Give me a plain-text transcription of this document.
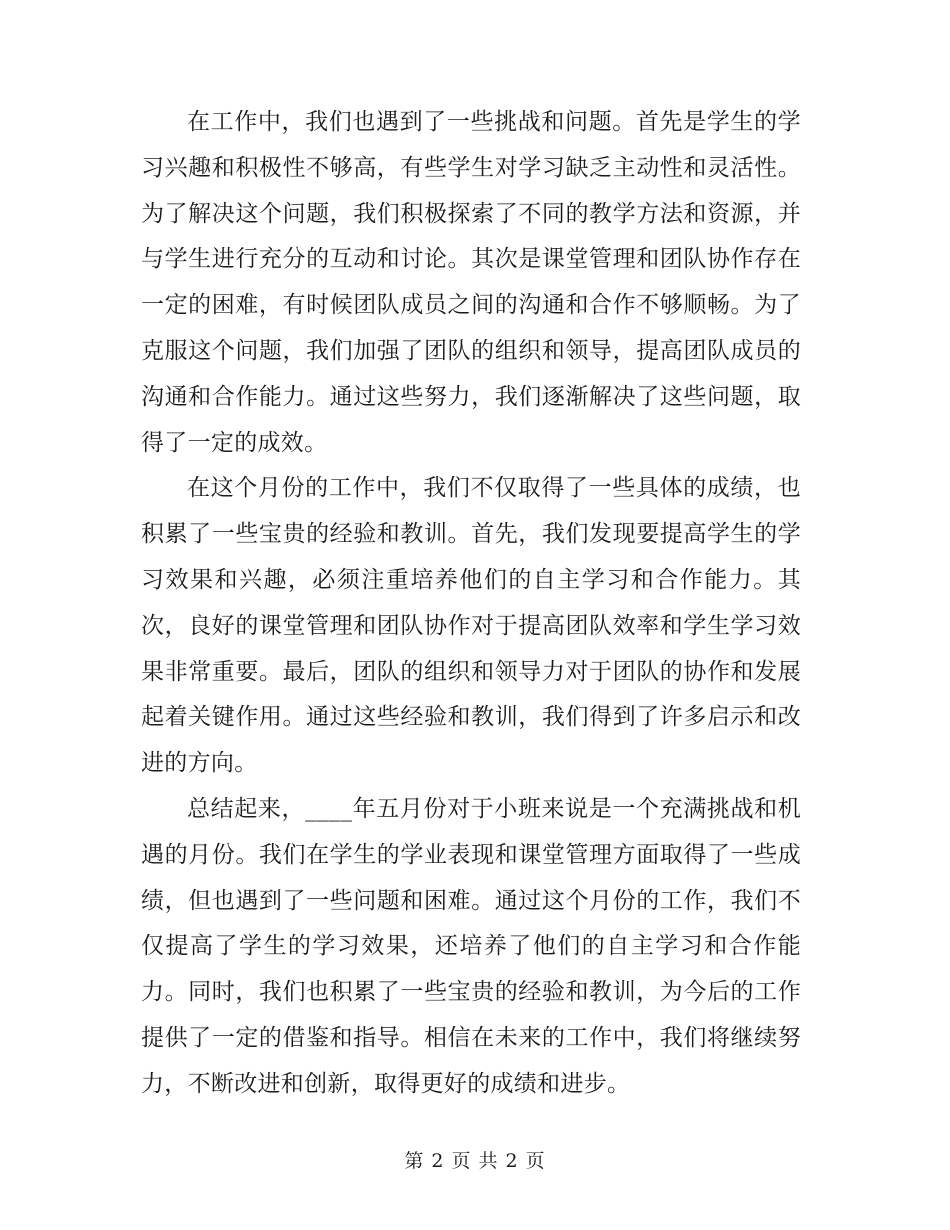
在工作中，我们也遇到了一些挑战和问题。首先是学生的学习兴趣和积极性不够高，有些学生对学习缺乏主动性和灵活性。为了解决这个问题，我们积极探索了不同的教学方法和资源，并与学生进行充分的互动和讨论。其次是课堂管理和团队协作存在一定的困难，有时候团队成员之间的沟通和合作不够顺畅。为了克服这个问题，我们加强了团队的组织和领导，提高团队成员的沟通和合作能力。通过这些努力，我们逐渐解决了这些问题，取得了一定的成效。

在这个月份的工作中，我们不仅取得了一些具体的成绩，也积累了一些宝贵的经验和教训。首先，我们发现要提高学生的学习效果和兴趣，必须注重培养他们的自主学习和合作能力。其次，良好的课堂管理和团队协作对于提高团队效率和学生学习效果非常重要。最后，团队的组织和领导力对于团队的协作和发展起着关键作用。通过这些经验和教训，我们得到了许多启示和改进的方向。

总结起来，____年五月份对于小班来说是一个充满挑战和机遇的月份。我们在学生的学业表现和课堂管理方面取得了一些成绩，但也遇到了一些问题和困难。通过这个月份的工作，我们不仅提高了学生的学习效果，还培养了他们的自主学习和合作能力。同时，我们也积累了一些宝贵的经验和教训，为今后的工作提供了一定的借鉴和指导。相信在未来的工作中，我们将继续努力，不断改进和创新，取得更好的成绩和进步。

第 2 页 共 2 页
